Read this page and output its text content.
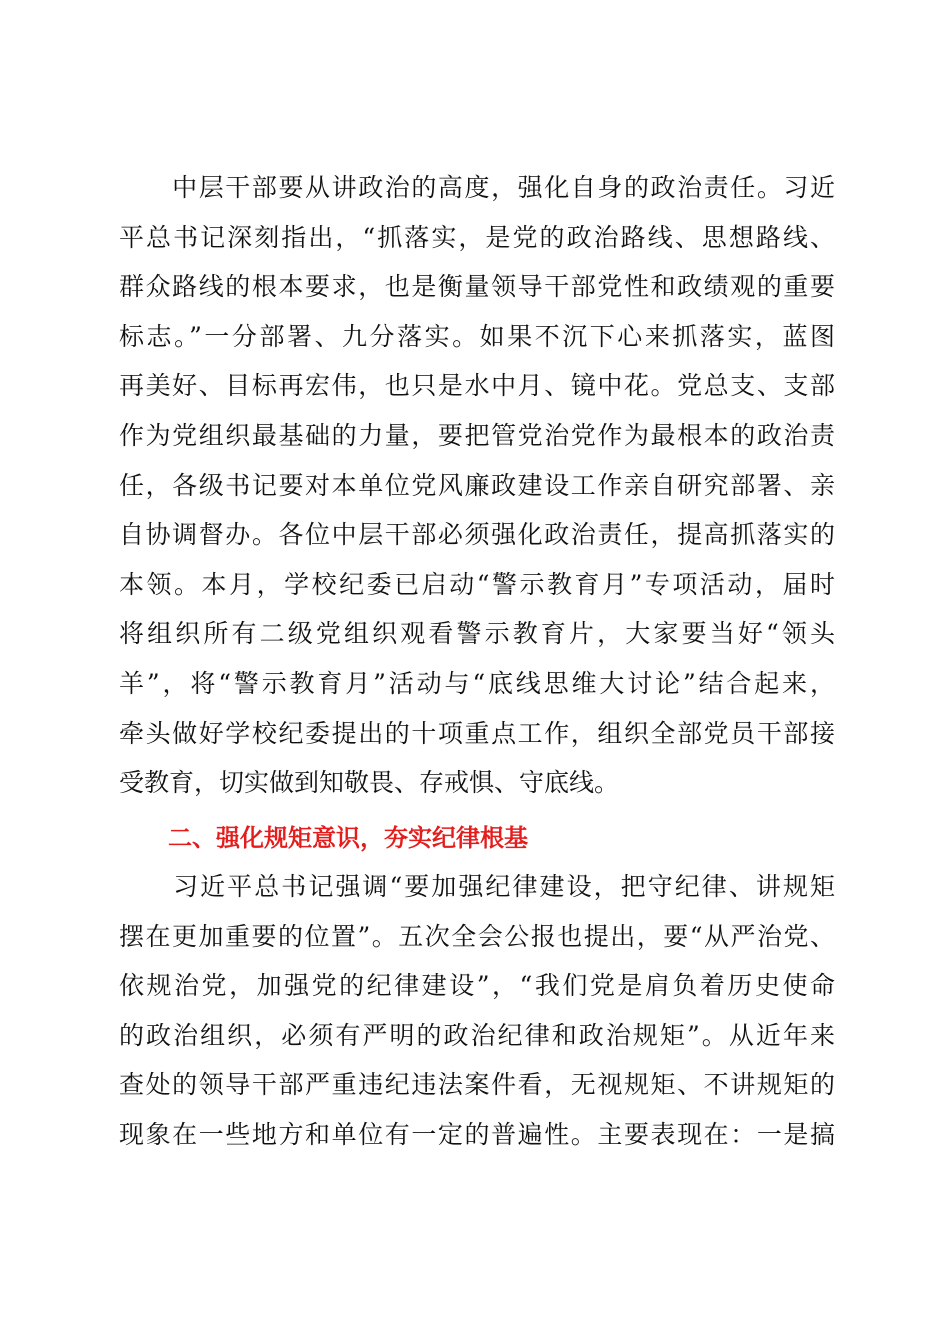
　　中层干部要从讲政治的高度，强化自身的政治责任。习近
平总书记深刻指出，“抓落实，是党的政治路线、思想路线、
群众路线的根本要求，也是衡量领导干部党性和政绩观的重要
标志。”一分部署、九分落实。如果不沉下心来抓落实，蓝图
再美好、目标再宏伟，也只是水中月、镜中花。党总支、支部
作为党组织最基础的力量，要把管党治党作为最根本的政治责
任，各级书记要对本单位党风廉政建设工作亲自研究部署、亲
自协调督办。各位中层干部必须强化政治责任，提高抓落实的
本领。本月，学校纪委已启动“警示教育月”专项活动，届时
将组织所有二级党组织观看警示教育片，大家要当好“领头
羊”，将“警示教育月”活动与“底线思维大讨论”结合起来，
牵头做好学校纪委提出的十项重点工作，组织全部党员干部接
受教育，切实做到知敬畏、存戒惧、守底线。
二、强化规矩意识，夯实纪律根基
　　习近平总书记强调“要加强纪律建设，把守纪律、讲规矩
摆在更加重要的位置”。五次全会公报也提出，要“从严治党、
依规治党，加强党的纪律建设”，“我们党是肩负着历史使命
的政治组织，必须有严明的政治纪律和政治规矩”。从近年来
查处的领导干部严重违纪违法案件看，无视规矩、不讲规矩的
现象在一些地方和单位有一定的普遍性。主要表现在：一是搞
